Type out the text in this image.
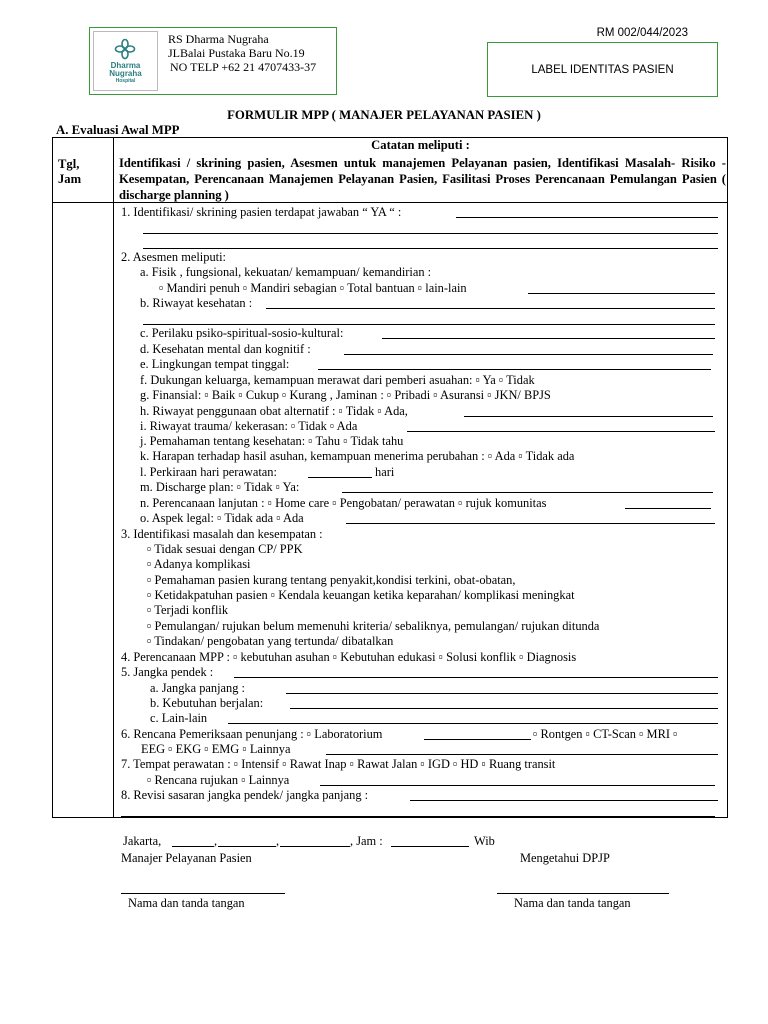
Dharma
Nugraha
Hospital
RS Dharma Nugraha
JLBalai Pustaka Baru No.19
NO TELP +62 21 4707433-37
RM 002/044/2023
LABEL IDENTITAS PASIEN
FORMULIR MPP ( MANAJER PELAYANAN PASIEN )
A. Evaluasi Awal MPP
Tgl,
Jam
Catatan meliputi :
Identifikasi / skrining pasien, Asesmen untuk manajemen Pelayanan pasien, Identifikasi Masalah- Risiko - Kesempatan, Perencanaan Manajemen Pelayanan Pasien, Fasilitasi Proses Perencanaan Pemulangan Pasien ( discharge planning )
1. Identifikasi/ skrining pasien terdapat jawaban “ YA “ :
2. Asesmen meliputi:
a. Fisik , fungsional, kekuatan/ kemampuan/ kemandirian :
▫ Mandiri penuh ▫ Mandiri sebagian ▫ Total bantuan ▫ lain-lain
b. Riwayat kesehatan :
c. Perilaku psiko-spiritual-sosio-kultural:
d. Kesehatan mental dan kognitif :
e. Lingkungan tempat tinggal:
f. Dukungan keluarga, kemampuan merawat dari pemberi asuahan: ▫ Ya ▫ Tidak
g. Finansial: ▫ Baik ▫ Cukup ▫ Kurang , Jaminan : ▫ Pribadi ▫ Asuransi ▫ JKN/ BPJS
h. Riwayat penggunaan obat alternatif : ▫ Tidak ▫ Ada,
i. Riwayat trauma/ kekerasan: ▫ Tidak ▫ Ada
j. Pemahaman tentang kesehatan: ▫ Tahu ▫ Tidak tahu
k. Harapan terhadap hasil asuhan, kemampuan menerima perubahan : ▫ Ada ▫ Tidak ada
l. Perkiraan hari perawatan:	hari
m. Discharge plan: ▫ Tidak ▫ Ya:
n. Perencanaan lanjutan : ▫ Home care ▫ Pengobatan/ perawatan ▫ rujuk komunitas
o. Aspek legal: ▫ Tidak ada ▫ Ada
3. Identifikasi masalah dan kesempatan :
▫ Tidak sesuai dengan CP/ PPK
▫ Adanya komplikasi
▫ Pemahaman pasien kurang tentang penyakit,kondisi terkini, obat-obatan,
▫ Ketidakpatuhan pasien ▫ Kendala keuangan ketika keparahan/ komplikasi meningkat
▫ Terjadi konflik
▫ Pemulangan/ rujukan belum memenuhi kriteria/ sebaliknya, pemulangan/ rujukan ditunda
▫ Tindakan/ pengobatan yang tertunda/ dibatalkan
4. Perencanaan MPP : ▫ kebutuhan asuhan ▫ Kebutuhan edukasi ▫ Solusi konflik ▫ Diagnosis
5. Jangka pendek :
a. Jangka panjang :
b. Kebutuhan berjalan:
c. Lain-lain
6. Rencana Pemeriksaan penunjang : ▫ Laboratorium	▫ Rontgen ▫ CT-Scan ▫ MRI ▫
EEG ▫ EKG ▫ EMG ▫ Lainnya
7. Tempat perawatan : ▫ Intensif ▫ Rawat Inap ▫ Rawat Jalan ▫ IGD ▫ HD ▫ Ruang transit
▫ Rencana rujukan ▫ Lainnya
8. Revisi sasaran jangka pendek/ jangka panjang :
Jakarta,	,	,	, Jam :	Wib
Manajer Pelayanan Pasien	Mengetahui DPJP
Nama dan tanda tangan	Nama dan tanda tangan
